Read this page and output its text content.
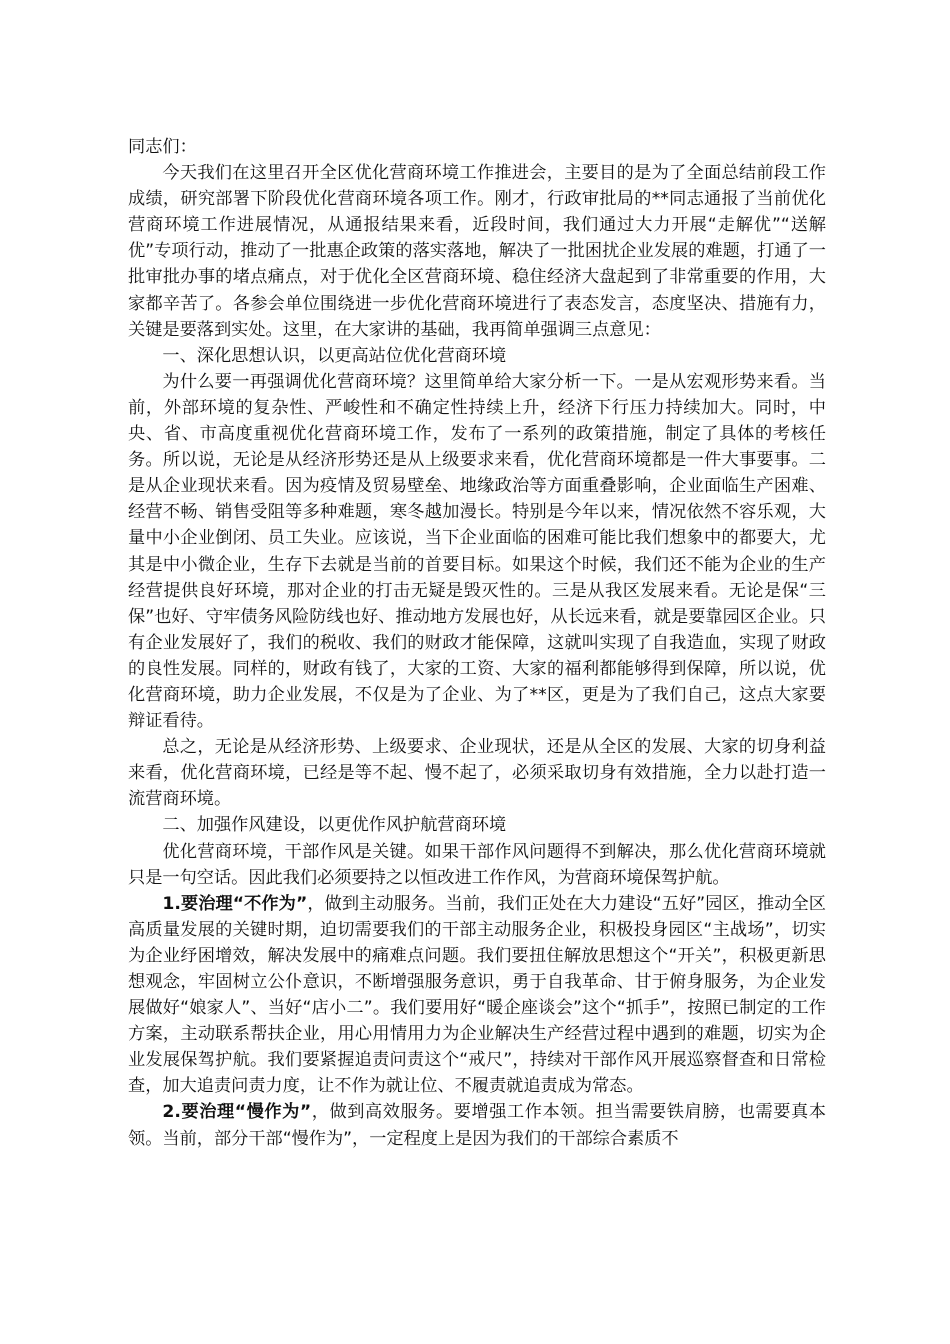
同志们：

今天我们在这里召开全区优化营商环境工作推进会，主要目的是为了全面总结前段工作成绩，研究部署下阶段优化营商环境各项工作。刚才，行政审批局的**同志通报了当前优化营商环境工作进展情况，从通报结果来看，近段时间，我们通过大力开展“走解优”“送解优”专项行动，推动了一批惠企政策的落实落地，解决了一批困扰企业发展的难题，打通了一批审批办事的堵点痛点，对于优化全区营商环境、稳住经济大盘起到了非常重要的作用，大家都辛苦了。各参会单位围绕进一步优化营商环境进行了表态发言，态度坚决、措施有力，关键是要落到实处。这里，在大家讲的基础，我再简单强调三点意见：

一、深化思想认识，以更高站位优化营商环境

为什么要一再强调优化营商环境？这里简单给大家分析一下。一是从宏观形势来看。当前，外部环境的复杂性、严峻性和不确定性持续上升，经济下行压力持续加大。同时，中央、省、市高度重视优化营商环境工作，发布了一系列的政策措施，制定了具体的考核任务。所以说，无论是从经济形势还是从上级要求来看，优化营商环境都是一件大事要事。二是从企业现状来看。因为疫情及贸易壁垒、地缘政治等方面重叠影响，企业面临生产困难、经营不畅、销售受阻等多种难题，寒冬越加漫长。特别是今年以来，情况依然不容乐观，大量中小企业倒闭、员工失业。应该说，当下企业面临的困难可能比我们想象中的都要大，尤其是中小微企业，生存下去就是当前的首要目标。如果这个时候，我们还不能为企业的生产经营提供良好环境，那对企业的打击无疑是毁灭性的。三是从我区发展来看。无论是保“三保”也好、守牢债务风险防线也好、推动地方发展也好，从长远来看，就是要靠园区企业。只有企业发展好了，我们的税收、我们的财政才能保障，这就叫实现了自我造血，实现了财政的良性发展。同样的，财政有钱了，大家的工资、大家的福利都能够得到保障，所以说，优化营商环境，助力企业发展，不仅是为了企业、为了**区，更是为了我们自己，这点大家要辩证看待。

总之，无论是从经济形势、上级要求、企业现状，还是从全区的发展、大家的切身利益来看，优化营商环境，已经是等不起、慢不起了，必须采取切身有效措施，全力以赴打造一流营商环境。

二、加强作风建设，以更优作风护航营商环境

优化营商环境，干部作风是关键。如果干部作风问题得不到解决，那么优化营商环境就只是一句空话。因此我们必须要持之以恒改进工作作风，为营商环境保驾护航。

1.要治理“不作为”，做到主动服务。当前，我们正处在大力建设“五好”园区，推动全区高质量发展的关键时期，迫切需要我们的干部主动服务企业，积极投身园区“主战场”，切实为企业纾困增效，解决发展中的痛难点问题。我们要扭住解放思想这个“开关”，积极更新思想观念，牢固树立公仆意识，不断增强服务意识，勇于自我革命、甘于俯身服务，为企业发展做好“娘家人”、当好“店小二”。我们要用好“暖企座谈会”这个“抓手”，按照已制定的工作方案，主动联系帮扶企业，用心用情用力为企业解决生产经营过程中遇到的难题，切实为企业发展保驾护航。我们要紧握追责问责这个“戒尺”，持续对干部作风开展巡察督查和日常检查，加大追责问责力度，让不作为就让位、不履责就追责成为常态。

2.要治理“慢作为”，做到高效服务。要增强工作本领。担当需要铁肩膀，也需要真本领。当前，部分干部“慢作为”，一定程度上是因为我们的干部综合素质不
